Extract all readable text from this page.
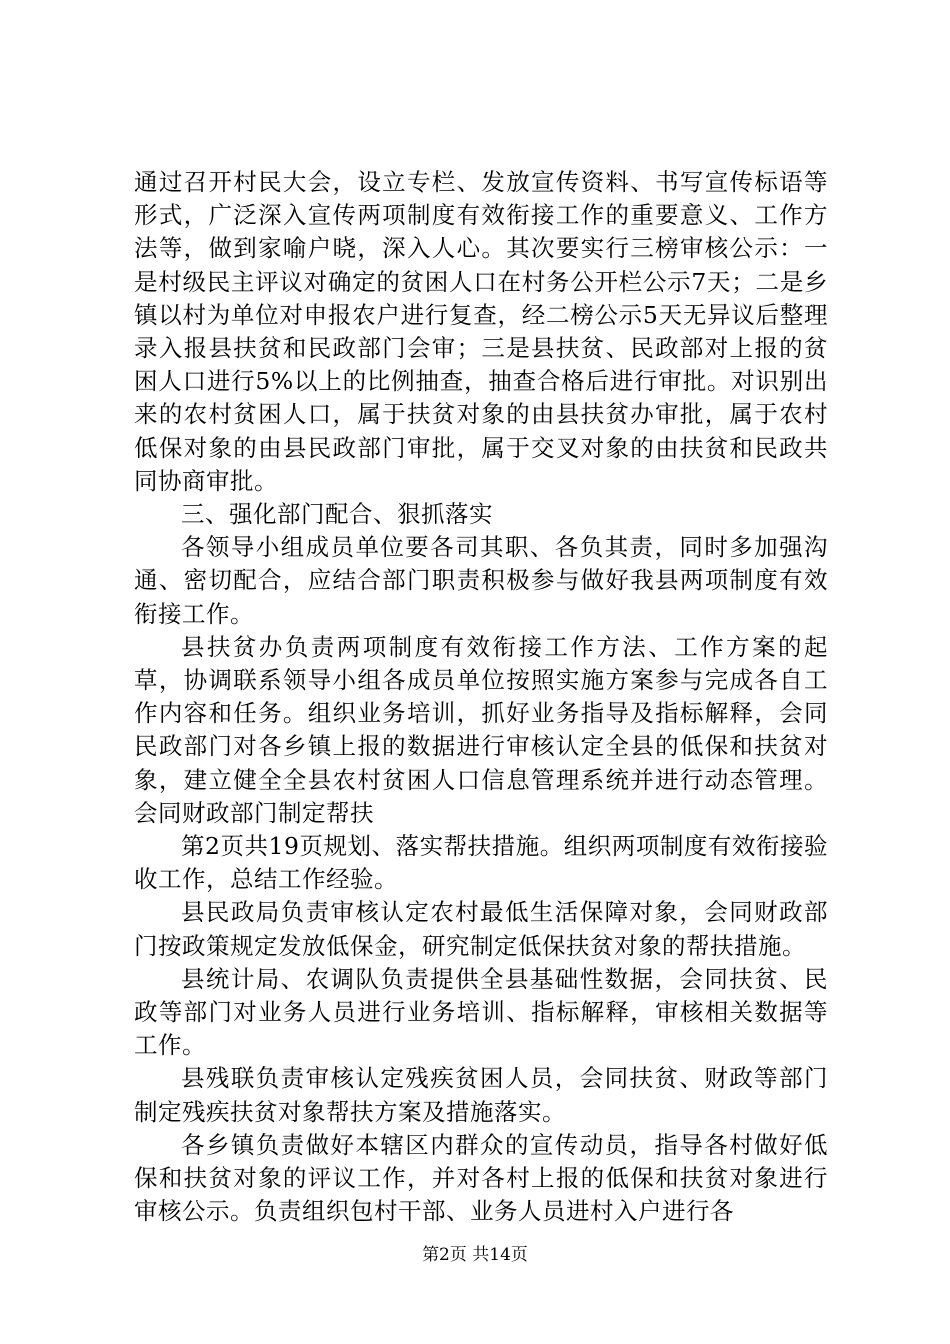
通过召开村民大会，设立专栏、发放宣传资料、书写宣传标语等形式，广泛深入宣传两项制度有效衔接工作的重要意义、工作方法等，做到家喻户晓，深入人心。其次要实行三榜审核公示：一是村级民主评议对确定的贫困人口在村务公开栏公示7天；二是乡镇以村为单位对申报农户进行复查，经二榜公示5天无异议后整理录入报县扶贫和民政部门会审；三是县扶贫、民政部对上报的贫困人口进行5%以上的比例抽查，抽查合格后进行审批。对识别出来的农村贫困人口，属于扶贫对象的由县扶贫办审批，属于农村低保对象的由县民政部门审批，属于交叉对象的由扶贫和民政共同协商审批。

三、强化部门配合、狠抓落实

各领导小组成员单位要各司其职、各负其责，同时多加强沟通、密切配合，应结合部门职责积极参与做好我县两项制度有效衔接工作。

县扶贫办负责两项制度有效衔接工作方法、工作方案的起草，协调联系领导小组各成员单位按照实施方案参与完成各自工作内容和任务。组织业务培训，抓好业务指导及指标解释，会同民政部门对各乡镇上报的数据进行审核认定全县的低保和扶贫对象，建立健全全县农村贫困人口信息管理系统并进行动态管理。会同财政部门制定帮扶

第2页共19页规划、落实帮扶措施。组织两项制度有效衔接验收工作，总结工作经验。

县民政局负责审核认定农村最低生活保障对象，会同财政部门按政策规定发放低保金，研究制定低保扶贫对象的帮扶措施。

县统计局、农调队负责提供全县基础性数据，会同扶贫、民政等部门对业务人员进行业务培训、指标解释，审核相关数据等工作。

县残联负责审核认定残疾贫困人员，会同扶贫、财政等部门制定残疾扶贫对象帮扶方案及措施落实。

各乡镇负责做好本辖区内群众的宣传动员，指导各村做好低保和扶贫对象的评议工作，并对各村上报的低保和扶贫对象进行审核公示。负责组织包村干部、业务人员进村入户进行各

第2页 共14页
